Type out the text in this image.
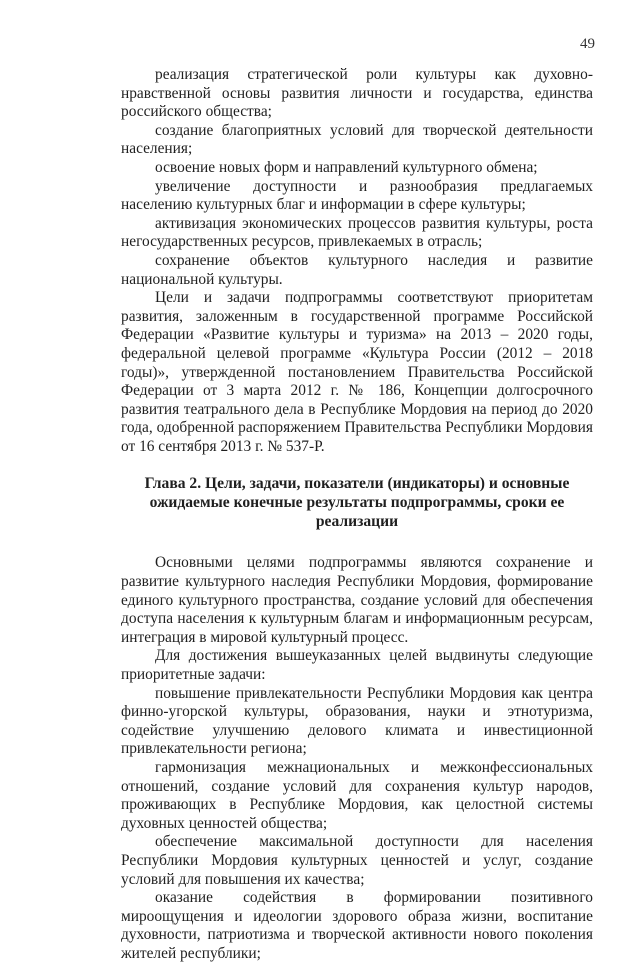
49

реализация стратегической роли культуры как духовно-нравственной основы развития личности и государства, единства российского общества;

создание благоприятных условий для творческой деятельности населения;

освоение новых форм и направлений культурного обмена;

увеличение доступности и разнообразия предлагаемых населению культурных благ и информации в сфере культуры;

активизация экономических процессов развития культуры, роста негосударственных ресурсов, привлекаемых в отрасль;

сохранение объектов культурного наследия и развитие национальной культуры.

Цели и задачи подпрограммы соответствуют приоритетам развития, заложенным в государственной программе Российской Федерации «Развитие культуры и туризма» на 2013 – 2020 годы, федеральной целевой программе «Культура России (2012 – 2018 годы)», утвержденной постановлением Правительства Российской Федерации от 3 марта 2012 г. № 186, Концепции долгосрочного развития театрального дела в Республике Мордовия на период до 2020 года, одобренной распоряжением Правительства Республики Мордовия от 16 сентября 2013 г. № 537-Р.

Глава 2. Цели, задачи, показатели (индикаторы) и основные ожидаемые конечные результаты подпрограммы, сроки ее реализации

Основными целями подпрограммы являются сохранение и развитие культурного наследия Республики Мордовия, формирование единого культурного пространства, создание условий для обеспечения доступа населения к культурным благам и информационным ресурсам, интеграция в мировой культурный процесс.

Для достижения вышеуказанных целей выдвинуты следующие приоритетные задачи:

повышение привлекательности Республики Мордовия как центра финно-угорской культуры, образования, науки и этнотуризма, содействие улучшению делового климата и инвестиционной привлекательности региона;

гармонизация межнациональных и межконфессиональных отношений, создание условий для сохранения культур народов, проживающих в Республике Мордовия, как целостной системы духовных ценностей общества;

обеспечение максимальной доступности для населения Республики Мордовия культурных ценностей и услуг, создание условий для повышения их качества;

оказание содействия в формировании позитивного мироощущения и идеологии здорового образа жизни, воспитание духовности, патриотизма и творческой активности нового поколения жителей республики;
